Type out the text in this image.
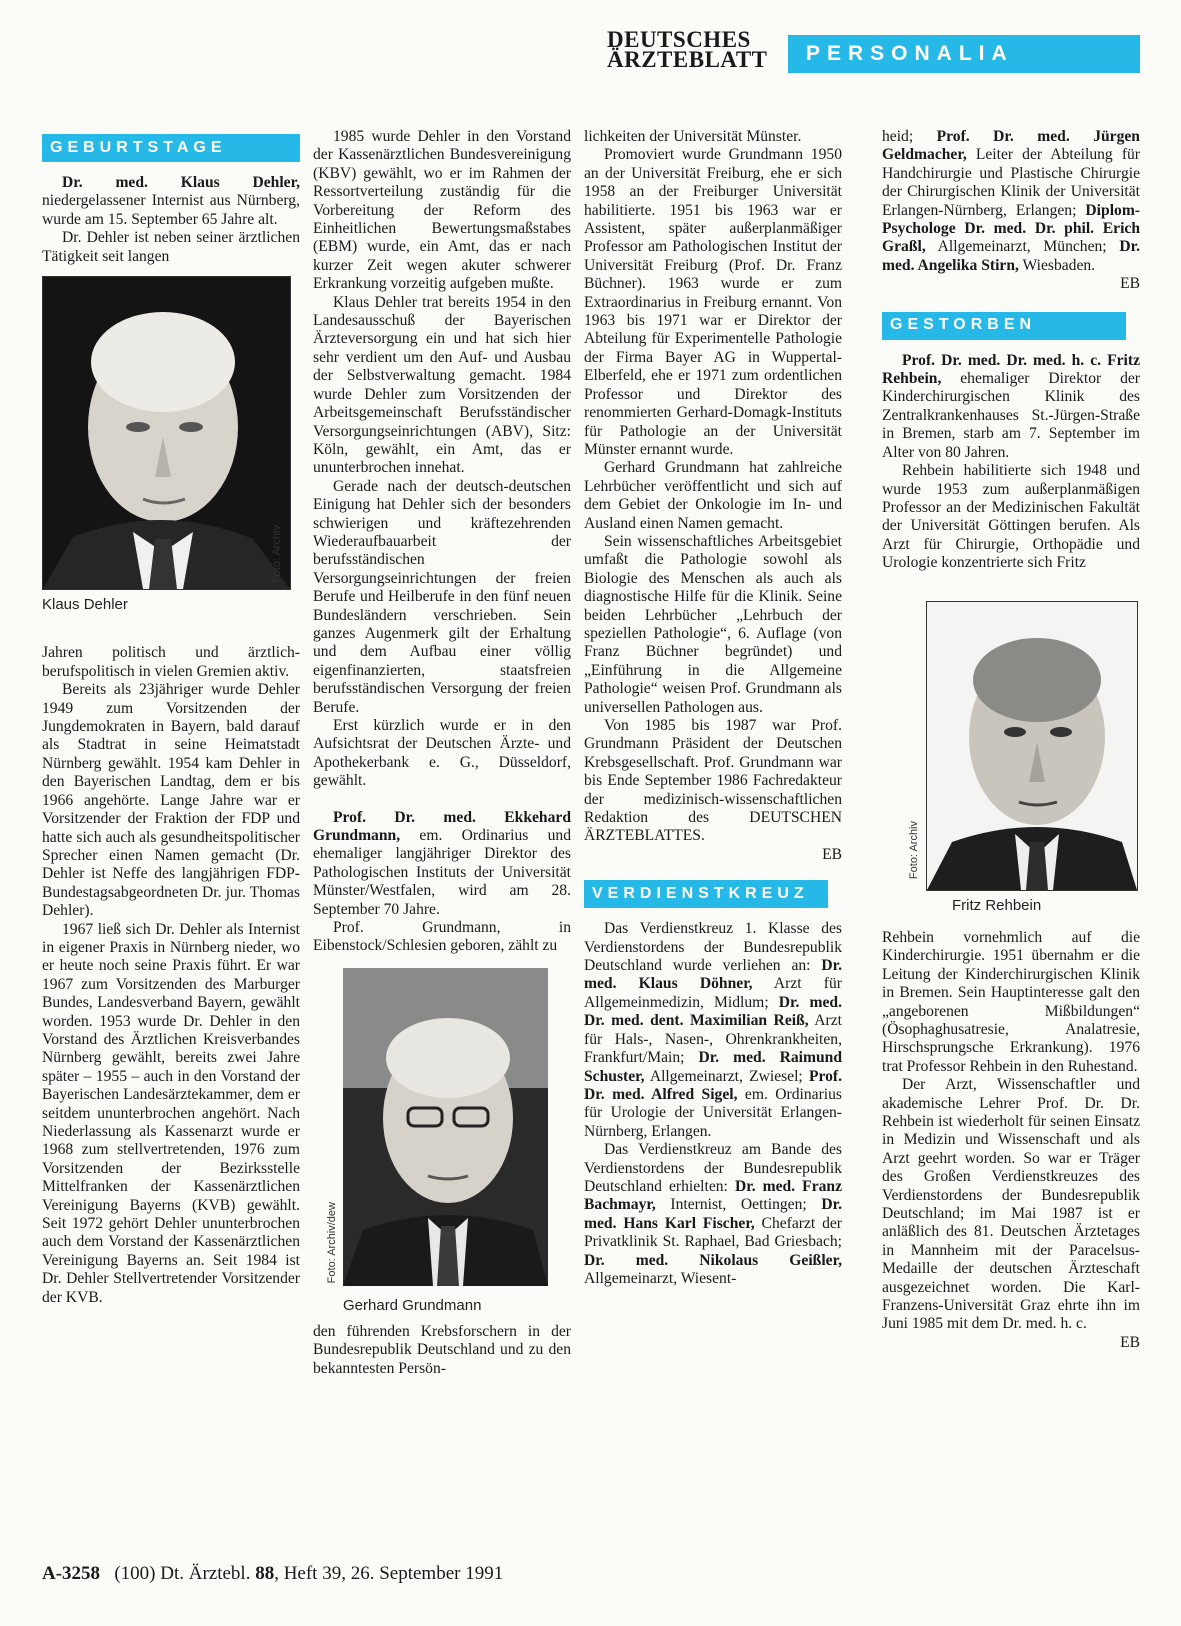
DEUTSCHES
ÄRZTEBLATT	PERSONALIA
GEBURTSTAGE

Dr. med. Klaus Dehler, niedergelassener Internist aus Nürnberg, wurde am 15. September 65 Jahre alt.

Dr. Dehler ist neben seiner ärztlichen Tätigkeit seit langen

Foto: Archiv
Klaus Dehler

Jahren politisch und ärztlich-berufspolitisch in vielen Gremien aktiv.

Bereits als 23jähriger wurde Dehler 1949 zum Vorsitzenden der Jungdemokraten in Bayern, bald darauf als Stadtrat in seine Heimatstadt Nürnberg gewählt. 1954 kam Dehler in den Bayerischen Landtag, dem er bis 1966 angehörte. Lange Jahre war er Vorsitzender der Fraktion der FDP und hatte sich auch als gesundheitspolitischer Sprecher einen Namen gemacht (Dr. Dehler ist Neffe des langjährigen FDP-Bundestagsabgeordneten Dr. jur. Thomas Dehler).

1967 ließ sich Dr. Dehler als Internist in eigener Praxis in Nürnberg nieder, wo er heute noch seine Praxis führt. Er war 1967 zum Vorsitzenden des Marburger Bundes, Landesverband Bayern, gewählt worden. 1953 wurde Dr. Dehler in den Vorstand des Ärztlichen Kreisverbandes Nürnberg gewählt, bereits zwei Jahre später – 1955 – auch in den Vorstand der Bayerischen Landesärztekammer, dem er seitdem ununterbrochen angehört. Nach Niederlassung als Kassenarzt wurde er 1968 zum stellvertretenden, 1976 zum Vorsitzenden der Bezirksstelle Mittelfranken der Kassenärztlichen Vereinigung Bayerns (KVB) gewählt. Seit 1972 gehört Dehler ununterbrochen auch dem Vorstand der Kassenärztlichen Vereinigung Bayerns an. Seit 1984 ist Dr. Dehler Stellvertretender Vorsitzender der KVB.

1985 wurde Dehler in den Vorstand der Kassenärztlichen Bundesvereinigung (KBV) gewählt, wo er im Rahmen der Ressortverteilung zuständig für die Vorbereitung der Reform des Einheitlichen Bewertungsmaßstabes (EBM) wurde, ein Amt, das er nach kurzer Zeit wegen akuter schwerer Erkrankung vorzeitig aufgeben mußte.

Klaus Dehler trat bereits 1954 in den Landesausschuß der Bayerischen Ärzteversorgung ein und hat sich hier sehr verdient um den Auf- und Ausbau der Selbstverwaltung gemacht. 1984 wurde Dehler zum Vorsitzenden der Arbeitsgemeinschaft Berufsständischer Versorgungseinrichtungen (ABV), Sitz: Köln, gewählt, ein Amt, das er ununterbrochen innehat.

Gerade nach der deutsch-deutschen Einigung hat Dehler sich der besonders schwierigen und kräftezehrenden Wiederaufbauarbeit der berufsständischen Versorgungseinrichtungen der freien Berufe und Heilberufe in den fünf neuen Bundesländern verschrieben. Sein ganzes Augenmerk gilt der Erhaltung und dem Aufbau einer völlig eigenfinanzierten, staatsfreien berufsständischen Versorgung der freien Berufe.

Erst kürzlich wurde er in den Aufsichtsrat der Deutschen Ärzte- und Apothekerbank e. G., Düsseldorf, gewählt.

Prof. Dr. med. Ekkehard Grundmann, em. Ordinarius und ehemaliger langjähriger Direktor des Pathologischen Instituts der Universität Münster/Westfalen, wird am 28. September 70 Jahre.

Prof. Grundmann, in Eibenstock/Schlesien geboren, zählt zu

Foto: Archiv/dew
Gerhard Grundmann

den führenden Krebsforschern in der Bundesrepublik Deutschland und zu den bekanntesten Persön-

lichkeiten der Universität Münster.

Promoviert wurde Grundmann 1950 an der Universität Freiburg, ehe er sich 1958 an der Freiburger Universität habilitierte. 1951 bis 1963 war er Assistent, später außerplanmäßiger Professor am Pathologischen Institut der Universität Freiburg (Prof. Dr. Franz Büchner). 1963 wurde er zum Extraordinarius in Freiburg ernannt. Von 1963 bis 1971 war er Direktor der Abteilung für Experimentelle Pathologie der Firma Bayer AG in Wuppertal-Elberfeld, ehe er 1971 zum ordentlichen Professor und Direktor des renommierten Gerhard-Domagk-Instituts für Pathologie an der Universität Münster ernannt wurde.

Gerhard Grundmann hat zahlreiche Lehrbücher veröffentlicht und sich auf dem Gebiet der Onkologie im In- und Ausland einen Namen gemacht.

Sein wissenschaftliches Arbeitsgebiet umfaßt die Pathologie sowohl als Biologie des Menschen als auch als diagnostische Hilfe für die Klinik. Seine beiden Lehrbücher „Lehrbuch der speziellen Pathologie“, 6. Auflage (von Franz Büchner begründet) und „Einführung in die Allgemeine Pathologie“ weisen Prof. Grundmann als universellen Pathologen aus.

Von 1985 bis 1987 war Prof. Grundmann Präsident der Deutschen Krebsgesellschaft. Prof. Grundmann war bis Ende September 1986 Fachredakteur der medizinisch-wissenschaftlichen Redaktion des DEUTSCHEN ÄRZTEBLATTES.

EB
VERDIENSTKREUZ

Das Verdienstkreuz 1. Klasse des Verdienstordens der Bundesrepublik Deutschland wurde verliehen an: Dr. med. Klaus Döhner, Arzt für Allgemeinmedizin, Midlum; Dr. med. Dr. med. dent. Maximilian Reiß, Arzt für Hals-, Nasen-, Ohrenkrankheiten, Frankfurt/Main; Dr. med. Raimund Schuster, Allgemeinarzt, Zwiesel; Prof. Dr. med. Alfred Sigel, em. Ordinarius für Urologie der Universität Erlangen-Nürnberg, Erlangen.

Das Verdienstkreuz am Bande des Verdienstordens der Bundesrepublik Deutschland erhielten: Dr. med. Franz Bachmayr, Internist, Oettingen; Dr. med. Hans Karl Fischer, Chefarzt der Privatklinik St. Raphael, Bad Griesbach; Dr. med. Nikolaus Geißler, Allgemeinarzt, Wiesent-

heid; Prof. Dr. med. Jürgen Geldmacher, Leiter der Abteilung für Handchirurgie und Plastische Chirurgie der Chirurgischen Klinik der Universität Erlangen-Nürnberg, Erlangen; Diplom-Psychologe Dr. med. Dr. phil. Erich Graßl, Allgemeinarzt, München; Dr. med. Angelika Stirn, Wiesbaden.

EB
GESTORBEN

Prof. Dr. med. Dr. med. h. c. Fritz Rehbein, ehemaliger Direktor der Kinderchirurgischen Klinik des Zentralkrankenhauses St.-Jürgen-Straße in Bremen, starb am 7. September im Alter von 80 Jahren.

Rehbein habilitierte sich 1948 und wurde 1953 zum außerplanmäßigen Professor an der Medizinischen Fakultät der Universität Göttingen berufen. Als Arzt für Chirurgie, Orthopädie und Urologie konzentrierte sich Fritz

Foto: Archiv
Fritz Rehbein

Rehbein vornehmlich auf die Kinderchirurgie. 1951 übernahm er die Leitung der Kinderchirurgischen Klinik in Bremen. Sein Hauptinteresse galt den „angeborenen Mißbildungen“ (Ösophaghusatresie, Analatresie, Hirschsprungsche Erkrankung). 1976 trat Professor Rehbein in den Ruhestand.

Der Arzt, Wissenschaftler und akademische Lehrer Prof. Dr. Dr. Rehbein ist wiederholt für seinen Einsatz in Medizin und Wissenschaft und als Arzt geehrt worden. So war er Träger des Großen Verdienstkreuzes des Verdienstordens der Bundesrepublik Deutschland; im Mai 1987 ist er anläßlich des 81. Deutschen Ärztetages in Mannheim mit der Paracelsus-Medaille der deutschen Ärzteschaft ausgezeichnet worden. Die Karl-Franzens-Universität Graz ehrte ihn im Juni 1985 mit dem Dr. med. h. c.

EB
A-3258 (100) Dt. Ärztebl. 88, Heft 39, 26. September 1991
